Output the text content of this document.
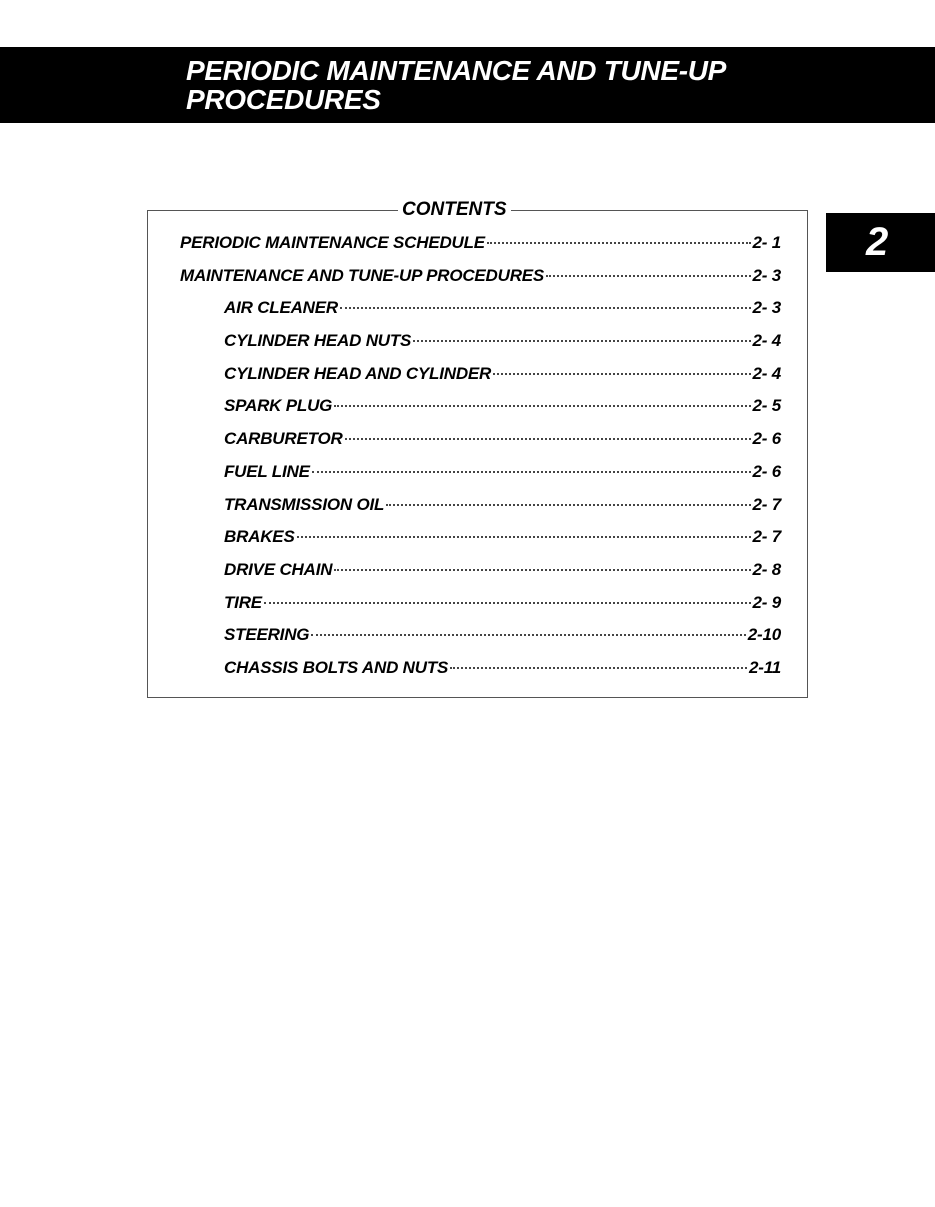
PERIODIC MAINTENANCE AND TUNE-UP
PROCEDURES
2
CONTENTS
PERIODIC MAINTENANCE SCHEDULE	2- 1
MAINTENANCE AND TUNE-UP PROCEDURES	2- 3
AIR CLEANER	2- 3
CYLINDER HEAD NUTS	2- 4
CYLINDER HEAD AND CYLINDER	2- 4
SPARK PLUG	2- 5
CARBURETOR	2- 6
FUEL LINE	2- 6
TRANSMISSION OIL	2- 7
BRAKES	2- 7
DRIVE CHAIN	2- 8
TIRE	2- 9
STEERING	2-10
CHASSIS BOLTS AND NUTS	2-11
